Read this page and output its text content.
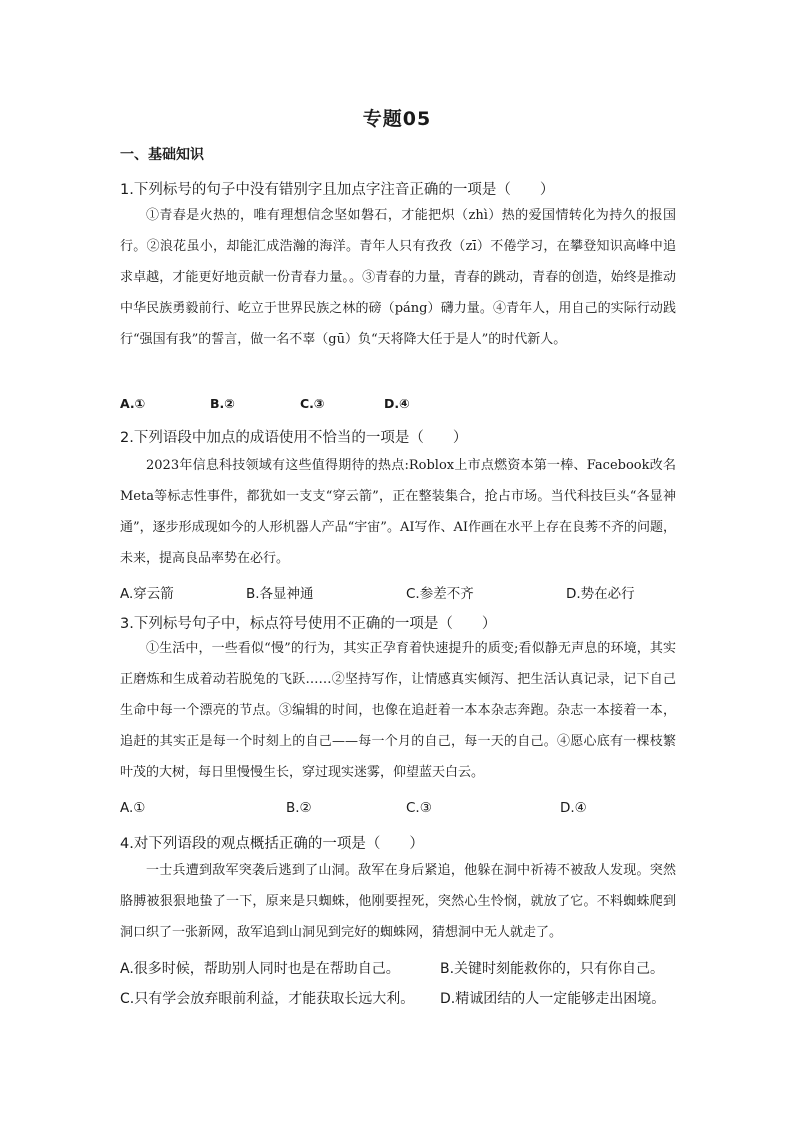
专题05
一、基础知识
1.下列标号的句子中没有错别字且加点字注音正确的一项是（　　）

①青春是火热的，唯有理想信念坚如磐石，才能把炽（zhì）热的爱国情转化为持久的报国行。②浪花虽小，却能汇成浩瀚的海洋。青年人只有孜孜（zī）不倦学习，在攀登知识高峰中追求卓越，才能更好地贡献一份青春力量。。③青春的力量，青春的跳动，青春的创造，始终是推动中华民族勇毅前行、屹立于世界民族之林的磅（páng）礴力量。④青年人，用自己的实际行动践行“强国有我”的誓言，做一名不辜（gū）负“天将降大任于是人”的时代新人。

A.①	B.②	C.③	D.④
2.下列语段中加点的成语使用不恰当的一项是（　　）

2023年信息科技领域有这些值得期待的热点:Roblox上市点燃资本第一棒、Facebook改名Meta等标志性事件，都犹如一支支“穿云箭”，正在整装集合，抢占市场。当代科技巨头“各显神通”，逐步形成现如今的人形机器人产品“宇宙”。AI写作、AI作画在水平上存在良莠不齐的问题，未来，提高良品率势在必行。

A.穿云箭	B.各显神通	C.参差不齐	D.势在必行
3.下列标号句子中，标点符号使用不正确的一项是（　　）

①生活中，一些看似“慢”的行为，其实正孕育着快速提升的质变;看似静无声息的环境，其实正磨炼和生成着动若脱兔的飞跃……②坚持写作，让情感真实倾泻、把生活认真记录，记下自己生命中每一个漂亮的节点。③编辑的时间，也像在追赶着一本本杂志奔跑。杂志一本接着一本，追赶的其实正是每一个时刻上的自己——每一个月的自己，每一天的自己。④愿心底有一棵枝繁叶茂的大树，每日里慢慢生长，穿过现实迷雾，仰望蓝天白云。

A.①	B.②	C.③	D.④
4.对下列语段的观点概括正确的一项是（　　）

一士兵遭到敌军突袭后逃到了山洞。敌军在身后紧追，他躲在洞中祈祷不被敌人发现。突然胳膊被狠狠地蛰了一下，原来是只蜘蛛，他刚要捏死，突然心生怜悯，就放了它。不料蜘蛛爬到洞口织了一张新网，敌军追到山洞见到完好的蜘蛛网，猜想洞中无人就走了。

A.很多时候，帮助别人同时也是在帮助自己。	B.关键时刻能救你的，只有你自己。
C.只有学会放弃眼前利益，才能获取长远大利。 D.精诚团结的人一定能够走出困境。
